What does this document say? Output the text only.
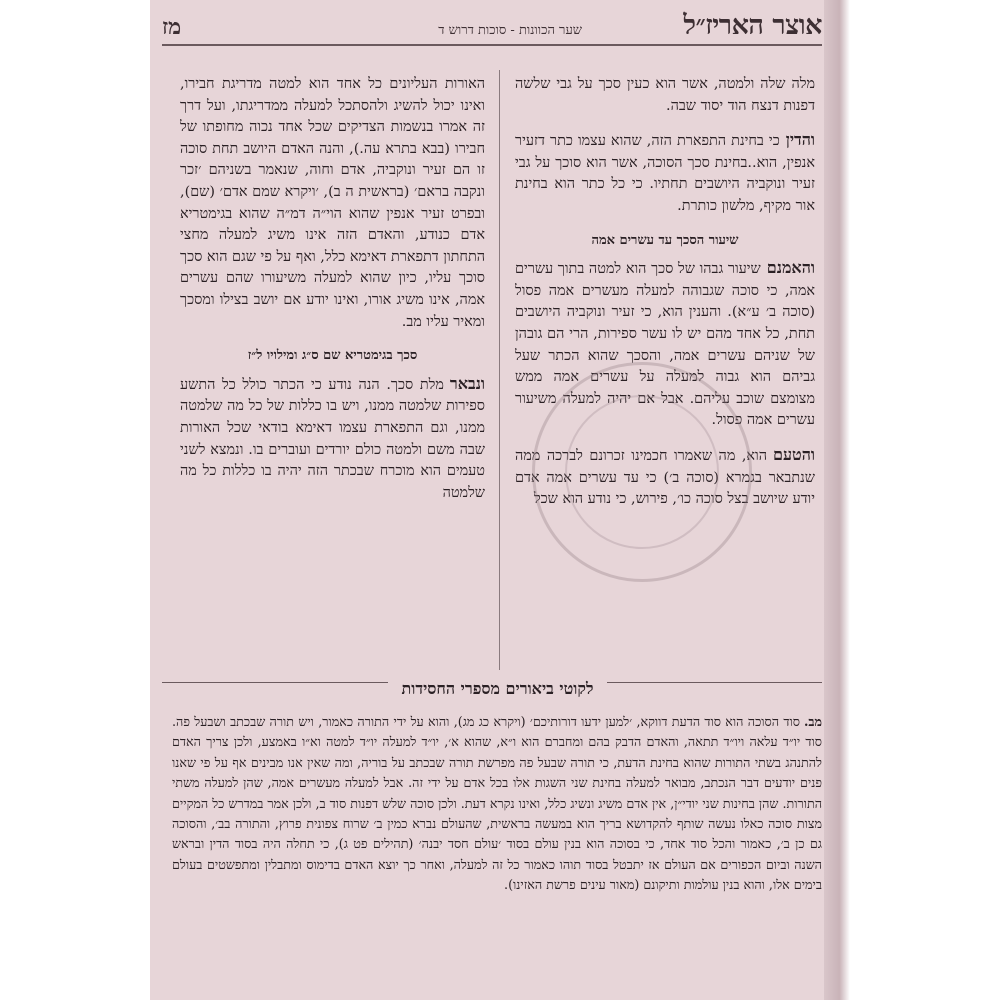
אוצר האריז״ל
שער הכוונות - סוכות דרוש ד
מז

מלה שלה ולמטה, אשר הוא כעין סכך על גבי שלשה דפנות דנצח הוד יסוד שבה.

והדיןכי בחינת התפארת הזה, שהוא עצמו כתר דזעיר אנפין, הוא..בחינת סכך הסוכה, אשר הוא סוכך על גבי זעיר ונוקביה היושבים תחתיו. כי כל כתר הוא בחינת אור מקיף, מלשון כותרת.

שיעור הסכך עד עשרים אמה

והאמנםשיעור גבהו של סכך הוא למטה בתוך עשרים אמה, כי סוכה שגבוהה למעלה מעשרים אמה פסול (סוכה ב׳ ע״א). והענין הוא, כי זעיר ונוקביה היושבים תחת, כל אחד מהם יש לו עשר ספירות, הרי הם גובהן של שניהם עשרים אמה, והסכך שהוא הכתר שעל גביהם הוא גבוה למעלה על עשרים אמה ממש מצומצם שוכב עליהם. אבל אם יהיה למעלה משיעור עשרים אמה פסול.

והטעםהוא, מה שאמרו חכמינו זכרונם לברכה ממה שנתבאר בגמרא (סוכה ב׳) כי עד עשרים אמה אדם יודע שיושב בצל סוכה כו׳, פירוש, כי נודע הוא שכל

האורות העליונים כל אחד הוא למטה מדריגת חבירו, ואינו יכול להשיג ולהסתכל למעלה ממדריגתו, ועל דרך זה אמרו בנשמות הצדיקים שכל אחד נכוה מחופתו של חבירו (בבא בתרא עה.), והנה האדם היושב תחת סוכה זו הם זעיר ונוקביה, אדם וחוה, שנאמר בשניהם ׳זכר ונקבה בראם׳ (בראשית ה ב), ׳ויקרא שמם אדם׳ (שם), ובפרט זעיר אנפין שהוא הוי״ה דמ״ה שהוא בגימטריא אדם כנודע, והאדם הזה אינו משיג למעלה מחצי התחתון דתפארת דאימא כלל, ואף על פי שגם הוא סכך סוכך עליו, כיון שהוא למעלה משיעורו שהם עשרים אמה, אינו משיג אורו, ואינו יודע אם יושב בצילו ומסכך ומאיר עליו מב.

סכך בגימטריא שם ס״ג ומילויו ל״ז

ונבארמלת סכך. הנה נודע כי הכתר כולל כל התשע ספירות שלמטה ממנו, ויש בו כללות של כל מה שלמטה ממנו, וגם התפארת עצמו דאימא בודאי שכל האורות שבה משם ולמטה כולם יורדים ועוברים בו. ונמצא לשני טעמים הוא מוכרח שבכתר הזה יהיה בו כללות כל מה שלמטה

לקוטי ביאורים מספרי החסידות
מב.סוד הסוכה הוא סוד הדעת דווקא, ׳למען ידעו דורותיכם׳ (ויקרא כג מג), והוא על ידי התורה כאמור, ויש תורה שבכתב ושבעל פה. סוד יו״ד עלאה ויו״ד תתאה, והאדם הדבק בהם ומחברם הוא ו״א, שהוא א׳, יו״ד למעלה יו״ד למטה וא״ו באמצע, ולכן צריך האדם להתנהג בשתי התורות שהוא בחינת הדעת, כי תורה שבעל פה מפרשת תורה שבכתב על בוריה, ומה שאין אנו מבינים אף על פי שאנו פנים יודעים דבר הנכתב, מבואר למעלה בחינת שני השגות אלו בכל אדם על ידי זה. אבל למעלה מעשרים אמה, שהן למעלה משתי התורות. שהן בחינות שני יודי״ן, אין אדם משיג ונשיג כלל, ואינו נקרא דעת. ולכן סוכה שלש דפנות סוד ב, ולכן אמר במדרש כל המקיים מצות סוכה כאלו נעשה שותף להקדושא בריך הוא במעשה בראשית, שהעולם נברא כמין ב׳ שרוח צפונית פרוץ, והתורה בב׳, והסוכה גם כן ב׳, כאמור והכל סוד אחד, כי בסוכה הוא בנין עולם בסוד ׳עולם חסד יבנה׳ (תהילים פט ג), כי תחלה היה בסוד הדין ובראש השנה וביום הכפורים אם העולם אז יתבטל בסוד תוהו כאמור כל זה למעלה, ואחר כך יוצא האדם בדימוס ומתבלין ומתפשטים בעולם בימים אלו, והוא בנין עולמות ותיקונם (מאור עינים פרשת האזינו).
